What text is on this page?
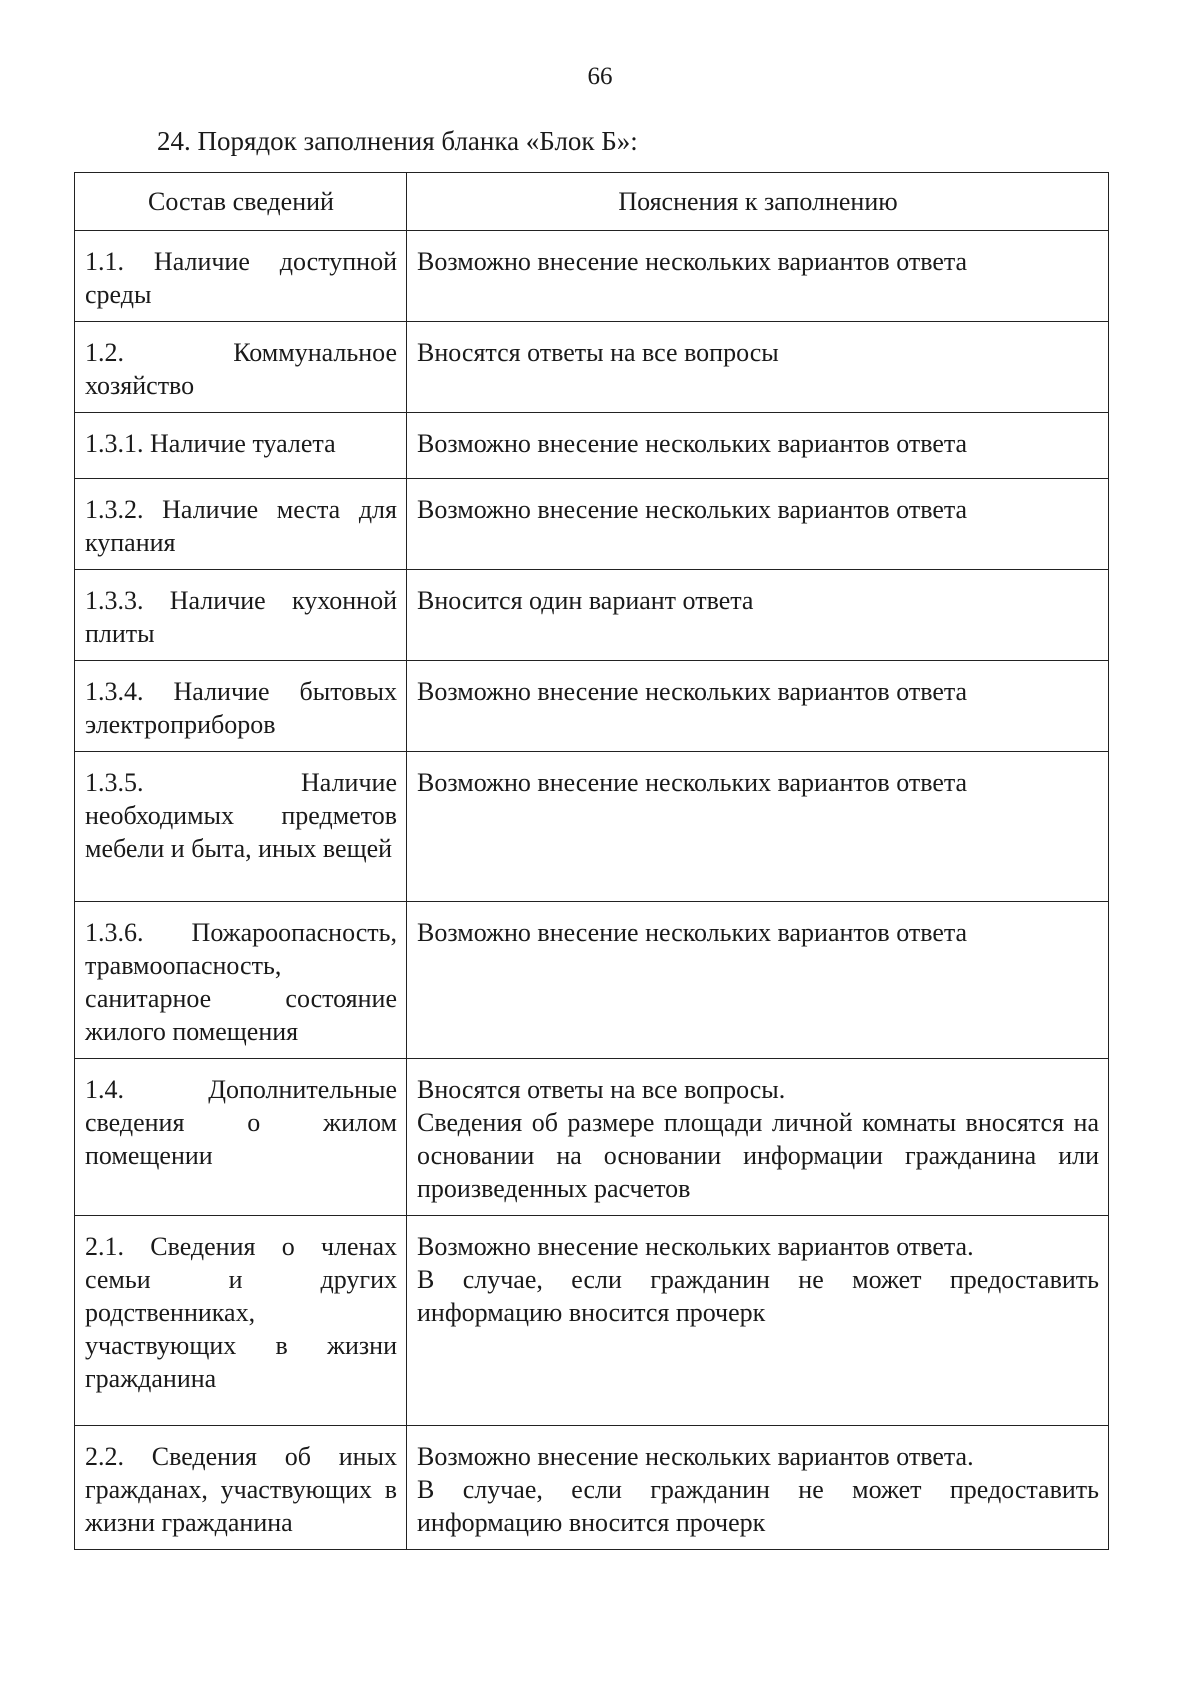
66
24. Порядок заполнения бланка «Блок Б»:
Состав сведений	Пояснения к заполнению
1.1. Наличие доступной среды	Возможно внесение нескольких вариантов ответа

1.2. Коммунальное хозяйство	Вносятся ответы на все вопросы

1.3.1. Наличие туалета	Возможно внесение нескольких вариантов ответа

1.3.2. Наличие места для купания	Возможно внесение нескольких вариантов ответа

1.3.3. Наличие кухонной плиты	Вносится один вариант ответа

1.3.4. Наличие бытовых электроприборов	Возможно внесение нескольких вариантов ответа

1.3.5. Наличие необходимых предметов мебели и быта, иных вещей	Возможно внесение нескольких вариантов ответа

1.3.6. Пожароопасность, травмоопасность, санитарное состояние жилого помещения	Возможно внесение нескольких вариантов ответа

1.4. Дополнительные сведения о жилом помещении	Вносятся ответы на все вопросы.
Сведения об размере площади личной комнаты вносятся на основании на основании информации гражданина или произведенных расчетов

2.1. Сведения о членах семьи и других родственниках, участвующих в жизни гражданина	Возможно внесение нескольких вариантов ответа.
В случае, если гражданин не может предоставить информацию вносится прочерк

2.2. Сведения об иных гражданах, участвующих в жизни гражданина	Возможно внесение нескольких вариантов ответа.
В случае, если гражданин не может предоставить информацию вносится прочерк
